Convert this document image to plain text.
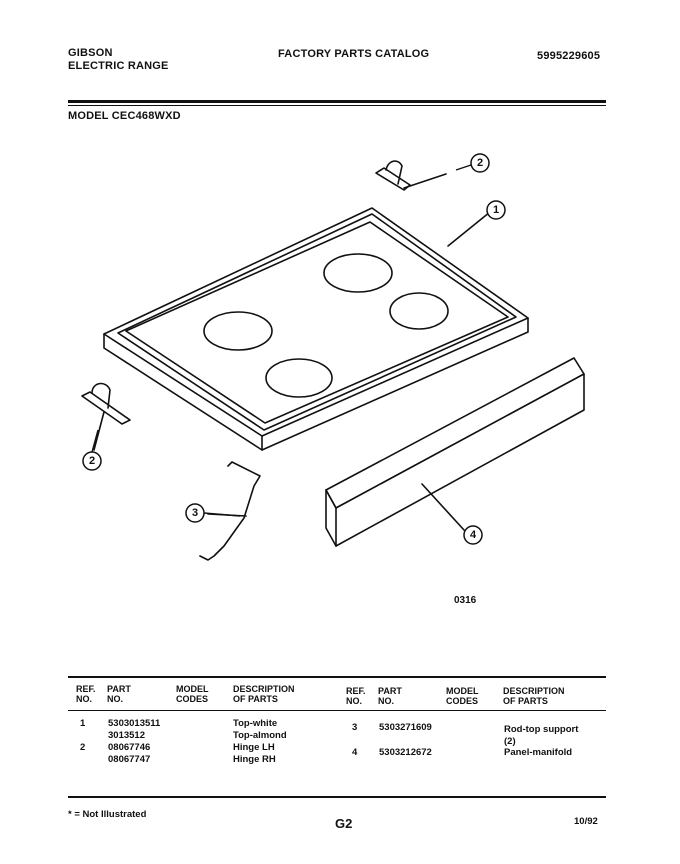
GIBSON
ELECTRIC RANGE
FACTORY PARTS CATALOG	5995229605
MODEL CEC468WXD
1
2
2
3
4
0316
REF.
NO.
PART
NO.
MODEL
CODES
DESCRIPTION
OF PARTS
REF.
NO.
PART
NO.
MODEL
CODES
DESCRIPTION
OF PARTS
1 5303013511	Top-white
3013512	Top-almond
2 08067746	Hinge LH
08067747	Hinge RH
3 5303271609	Rod-top support
(2)
4 5303212672	Panel-manifold
* = Not Illustrated
G2	10/92
